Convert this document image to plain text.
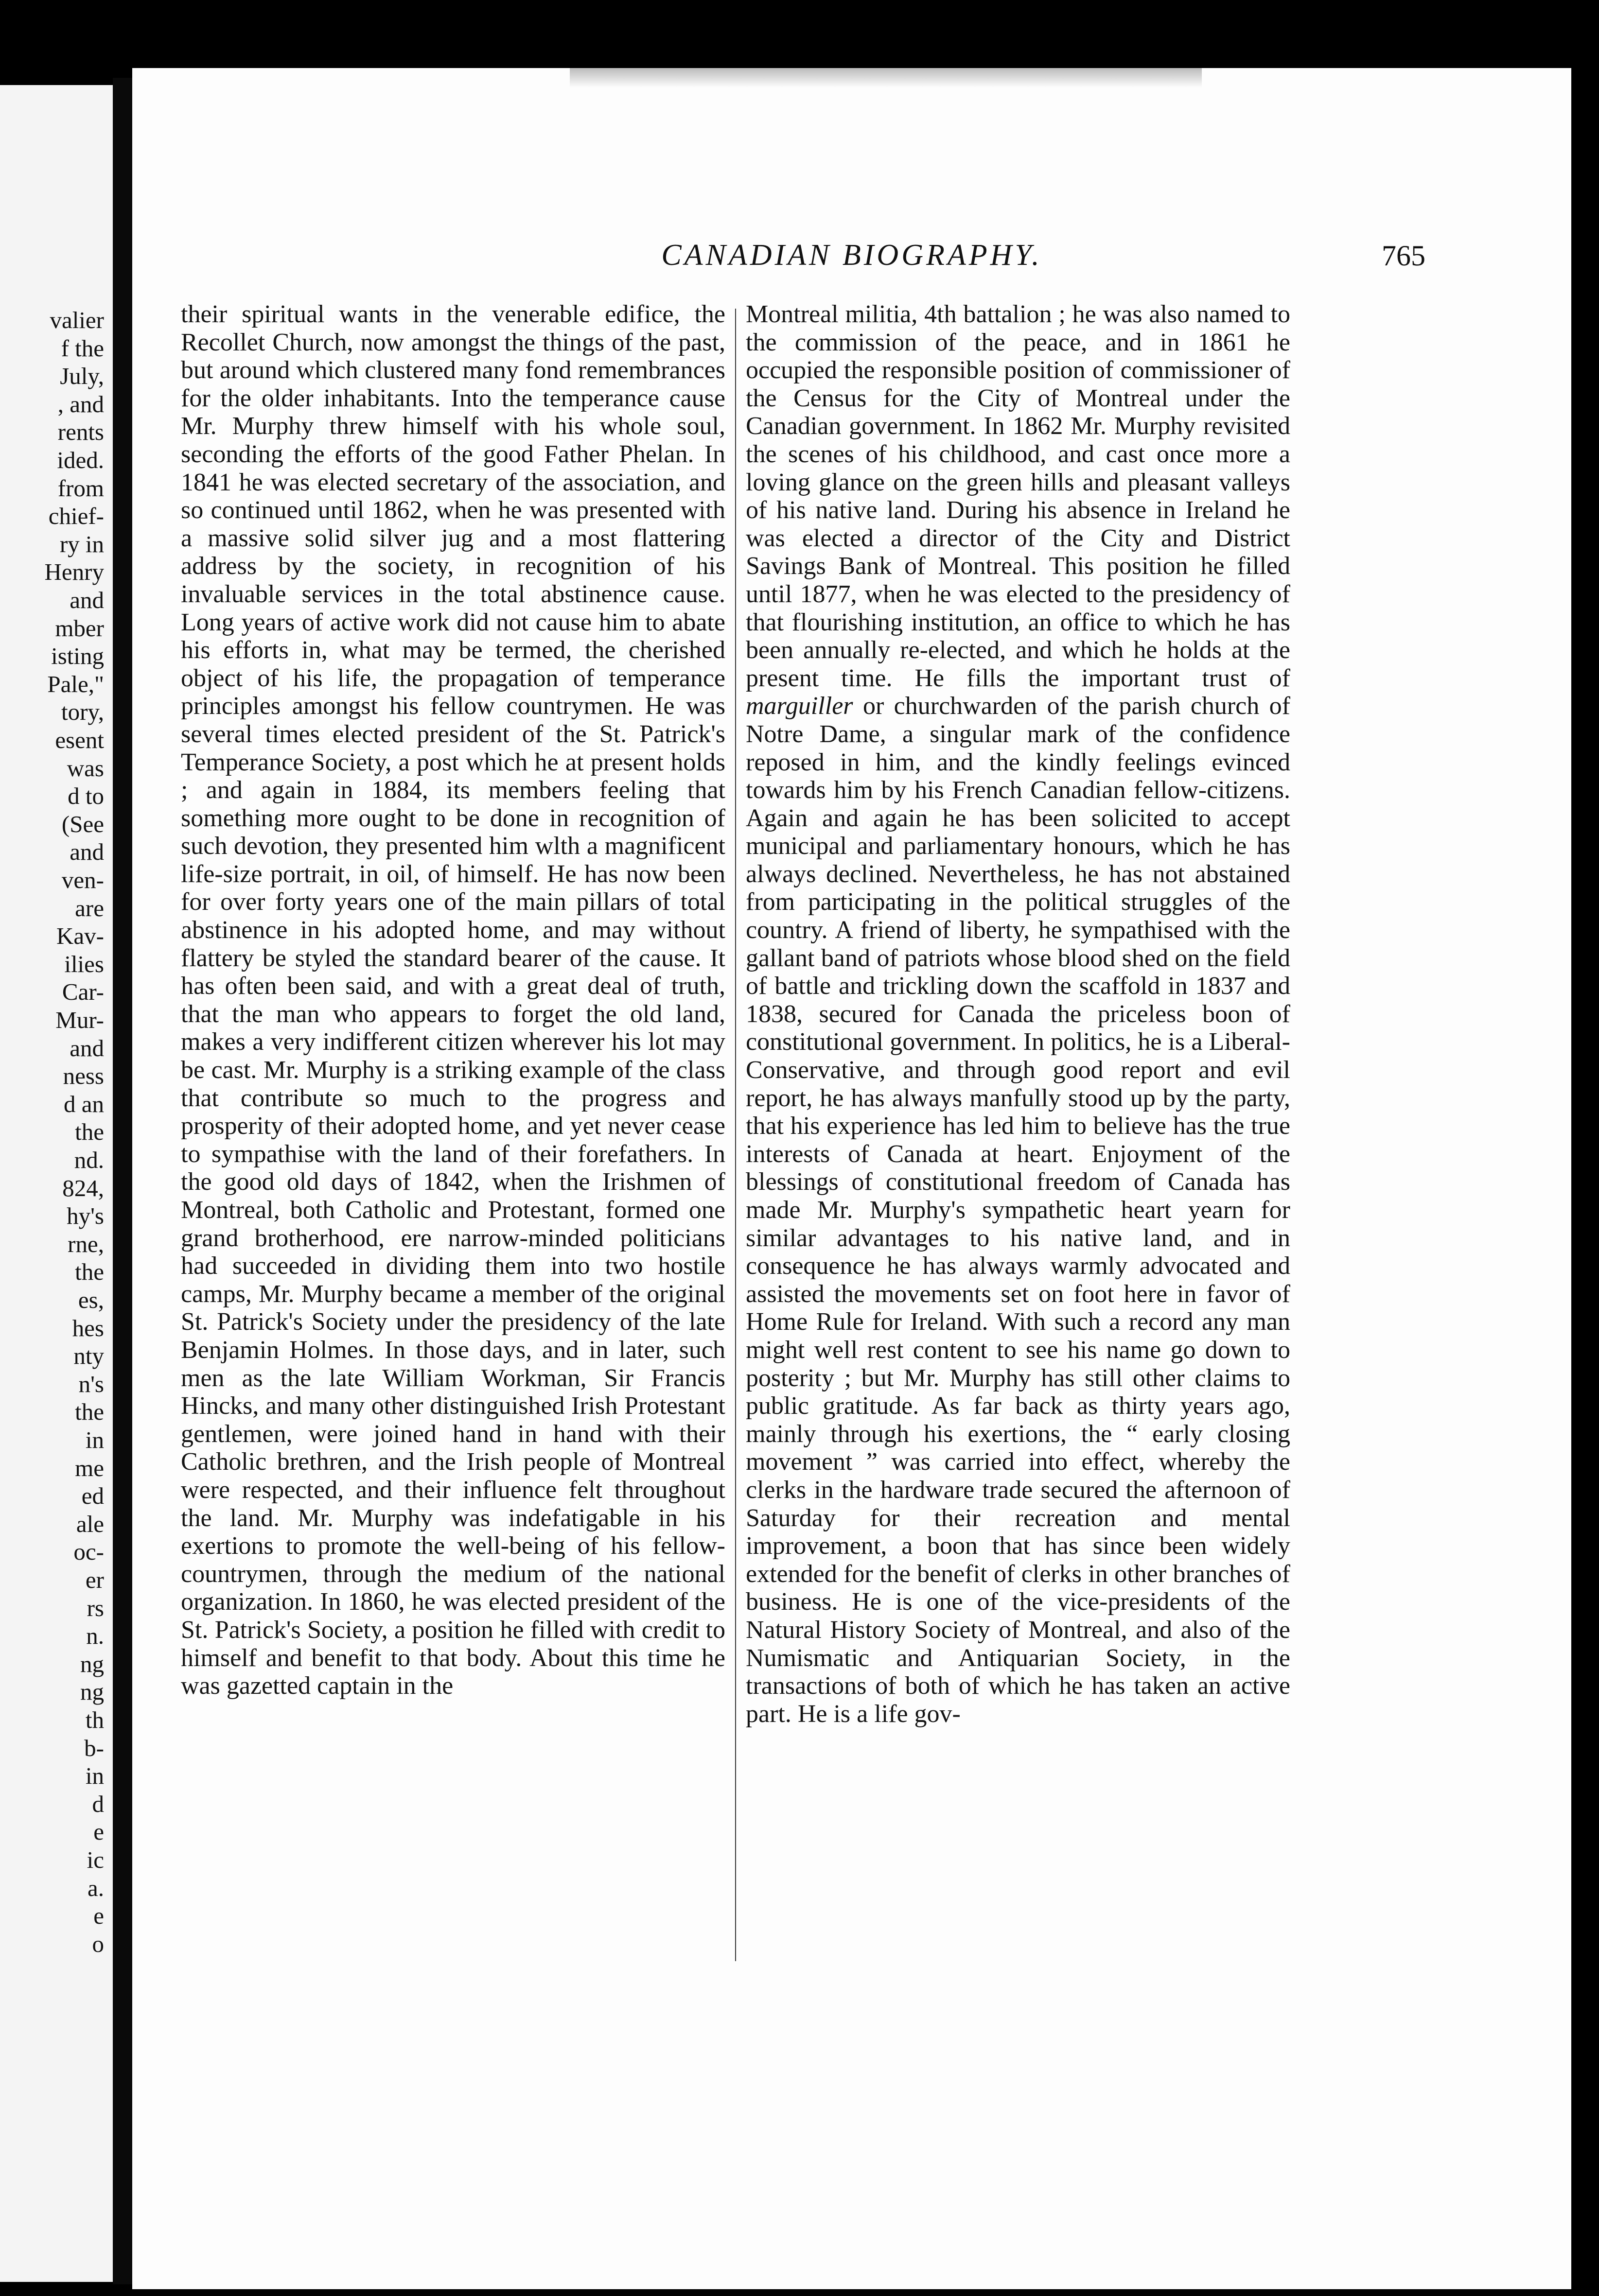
valier
f the
July,
, and
rents
ided.
from
chief-
ry in
Henry
and
mber
isting
Pale,"
tory,
esent
was
d to
(See
and
ven-
are
Kav-
ilies
Car-
Mur-
and
ness
d an
the
nd.
824,
hy's
rne,
the
es,
hes
nty
n's
the
in
me
ed
ale
oc-
er
rs
n.
ng
ng
th
b-
in
d
e
ic
a.
e
o
CANADIAN BIOGRAPHY.	765

their spiritual wants in the venerable edifice, the Recollet Church, now amongst the things of the past, but around which clustered many fond remembrances for the older inhabitants. Into the temperance cause Mr. Murphy threw himself with his whole soul, seconding the efforts of the good Father Phelan. In 1841 he was elected secretary of the association, and so continued until 1862, when he was presented with a massive solid silver jug and a most flattering address by the society, in recognition of his invaluable services in the total abstinence cause. Long years of active work did not cause him to abate his efforts in, what may be termed, the cherished object of his life, the propagation of temperance principles amongst his fellow countrymen. He was several times elected president of the St. Patrick's Temperance Society, a post which he at present holds ; and again in 1884, its members feeling that something more ought to be done in recognition of such devotion, they presented him wlth a magnificent life-size portrait, in oil, of himself. He has now been for over forty years one of the main pillars of total abstinence in his adopted home, and may without flattery be styled the standard bearer of the cause. It has often been said, and with a great deal of truth, that the man who appears to forget the old land, makes a very indifferent citizen wherever his lot may be cast. Mr. Murphy is a striking example of the class that contribute so much to the progress and prosperity of their adopted home, and yet never cease to sympathise with the land of their forefathers. In the good old days of 1842, when the Irishmen of Montreal, both Catholic and Protestant, formed one grand brotherhood, ere narrow-minded politicians had succeeded in dividing them into two hostile camps, Mr. Murphy became a member of the original St. Patrick's Society under the presidency of the late Benjamin Holmes. In those days, and in later, such men as the late William Workman, Sir Francis Hincks, and many other distinguished Irish Protestant gentlemen, were joined hand in hand with their Catholic brethren, and the Irish people of Montreal were respected, and their influence felt throughout the land. Mr. Murphy was indefatigable in his exertions to promote the well-being of his fellow-countrymen, through the medium of the national organization. In 1860, he was elected president of the St. Patrick's Society, a position he filled with credit to himself and benefit to that body. About this time he was gazetted captain in the

Montreal militia, 4th battalion ; he was also named to the commission of the peace, and in 1861 he occupied the responsible position of commissioner of the Census for the City of Montreal under the Canadian government. In 1862 Mr. Murphy revisited the scenes of his childhood, and cast once more a loving glance on the green hills and pleasant valleys of his native land. During his absence in Ireland he was elected a director of the City and District Savings Bank of Montreal. This position he filled until 1877, when he was elected to the presidency of that flourishing institution, an office to which he has been annually re-elected, and which he holds at the present time. He fills the important trust of marguiller or churchwarden of the parish church of Notre Dame, a singular mark of the confidence reposed in him, and the kindly feelings evinced towards him by his French Canadian fellow-citizens. Again and again he has been solicited to accept municipal and parliamentary honours, which he has always declined. Nevertheless, he has not abstained from participating in the political struggles of the country. A friend of liberty, he sympathised with the gallant band of patriots whose blood shed on the field of battle and trickling down the scaffold in 1837 and 1838, secured for Canada the priceless boon of constitutional government. In politics, he is a Liberal-Conservative, and through good report and evil report, he has always manfully stood up by the party, that his experience has led him to believe has the true interests of Canada at heart. Enjoyment of the blessings of constitutional freedom of Canada has made Mr. Murphy's sympathetic heart yearn for similar advantages to his native land, and in consequence he has always warmly advocated and assisted the movements set on foot here in favor of Home Rule for Ireland. With such a record any man might well rest content to see his name go down to posterity ; but Mr. Murphy has still other claims to public gratitude. As far back as thirty years ago, mainly through his exertions, the “ early closing movement ” was carried into effect, whereby the clerks in the hardware trade secured the afternoon of Saturday for their recreation and mental improvement, a boon that has since been widely extended for the benefit of clerks in other branches of business. He is one of the vice-presidents of the Natural History Society of Montreal, and also of the Numismatic and Antiquarian Society, in the transactions of both of which he has taken an active part. He is a life gov-
